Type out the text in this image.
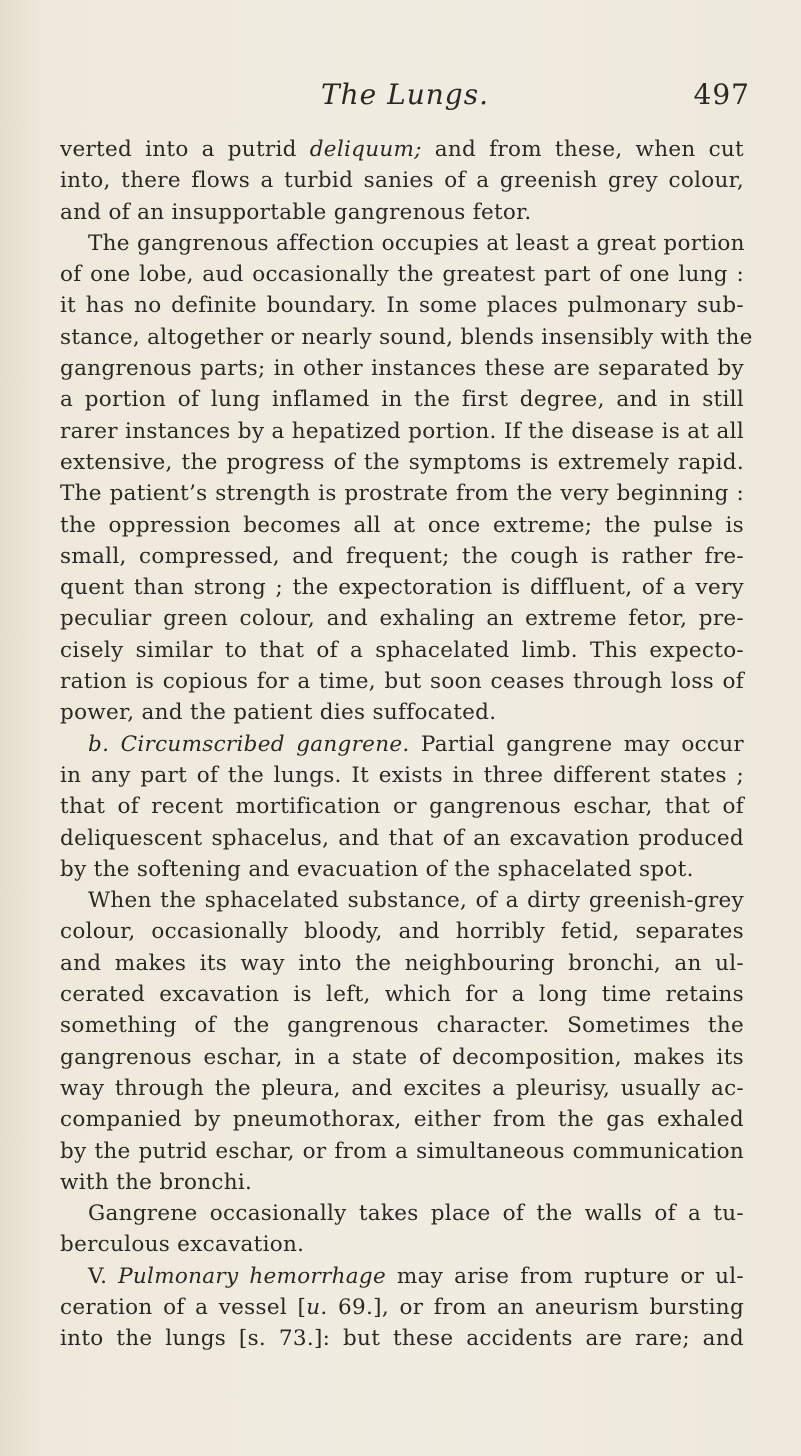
The Lungs.	497
verted into a putrid deliquum; and from these, when cut
into, there flows a turbid sanies of a greenish grey colour,
and of an insupportable gangrenous fetor.
The gangrenous affection occupies at least a great portion
of one lobe, aud occasionally the greatest part of one lung :
it has no definite boundary. In some places pulmonary sub-
stance, altogether or nearly sound, blends insensibly with the
gangrenous parts; in other instances these are separated by
a portion of lung inflamed in the first degree, and in still
rarer instances by a hepatized portion. If the disease is at all
extensive, the progress of the symptoms is extremely rapid.
The patient’s strength is prostrate from the very beginning :
the oppression becomes all at once extreme; the pulse is
small, compressed, and frequent; the cough is rather fre-
quent than strong ; the expectoration is diffluent, of a very
peculiar green colour, and exhaling an extreme fetor, pre-
cisely similar to that of a sphacelated limb. This expecto-
ration is copious for a time, but soon ceases through loss of
power, and the patient dies suffocated.
b. Circumscribed gangrene. Partial gangrene may occur
in any part of the lungs. It exists in three different states ;
that of recent mortification or gangrenous eschar, that of
deliquescent sphacelus, and that of an excavation produced
by the softening and evacuation of the sphacelated spot.
When the sphacelated substance, of a dirty greenish-grey
colour, occasionally bloody, and horribly fetid, separates
and makes its way into the neighbouring bronchi, an ul-
cerated excavation is left, which for a long time retains
something of the gangrenous character. Sometimes the
gangrenous eschar, in a state of decomposition, makes its
way through the pleura, and excites a pleurisy, usually ac-
companied by pneumothorax, either from the gas exhaled
by the putrid eschar, or from a simultaneous communication
with the bronchi.
Gangrene occasionally takes place of the walls of a tu-
berculous excavation.
V. Pulmonary hemorrhage may arise from rupture or ul-
ceration of a vessel [u. 69.], or from an aneurism bursting
into the lungs [s. 73.]: but these accidents are rare; and
